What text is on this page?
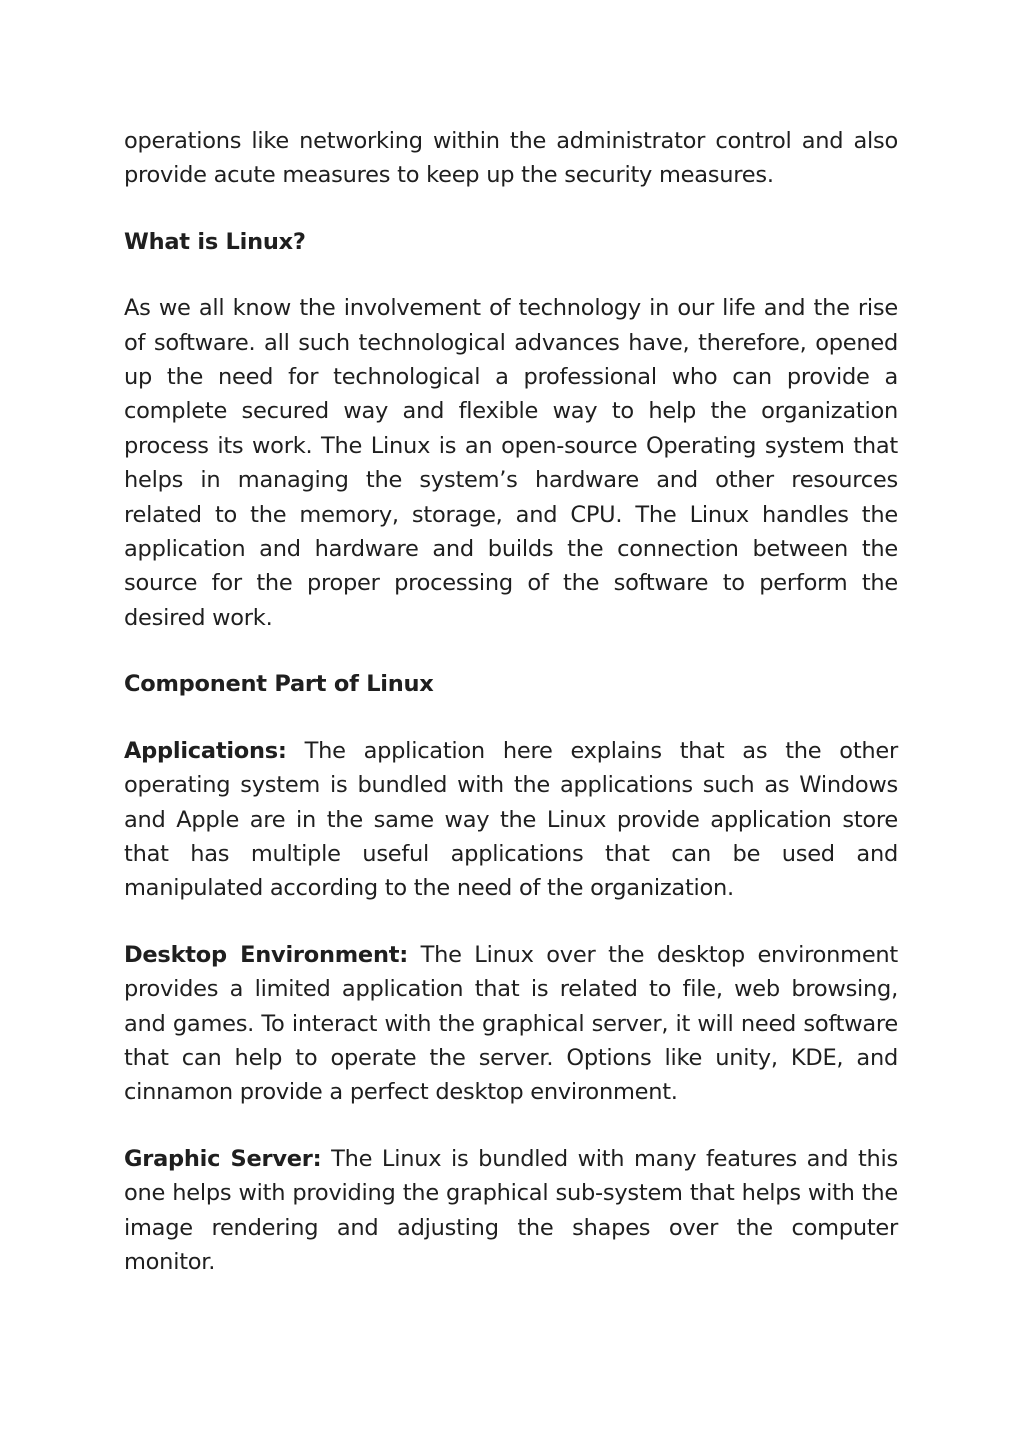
operations like networking within the administrator control and also provide acute measures to keep up the security measures.

What is Linux?

As we all know the involvement of technology in our life and the rise of software. all such technological advances have, therefore, opened up the need for technological a professional who can provide a complete secured way and flexible way to help the organization process its work. The Linux is an open-source Operating system that helps in managing the system’s hardware and other resources related to the memory, storage, and CPU. The Linux handles the application and hardware and builds the connection between the source for the proper processing of the software to perform the desired work.

Component Part of Linux

Applications: The application here explains that as the other operating system is bundled with the applications such as Windows and Apple are in the same way the Linux provide application store that has multiple useful applications that can be used and manipulated according to the need of the organization.

Desktop Environment: The Linux over the desktop environment provides a limited application that is related to file, web browsing, and games. To interact with the graphical server, it will need software that can help to operate the server. Options like unity, KDE, and cinnamon provide a perfect desktop environment.

Graphic Server: The Linux is bundled with many features and this one helps with providing the graphical sub-system that helps with the image rendering and adjusting the shapes over the computer monitor.
